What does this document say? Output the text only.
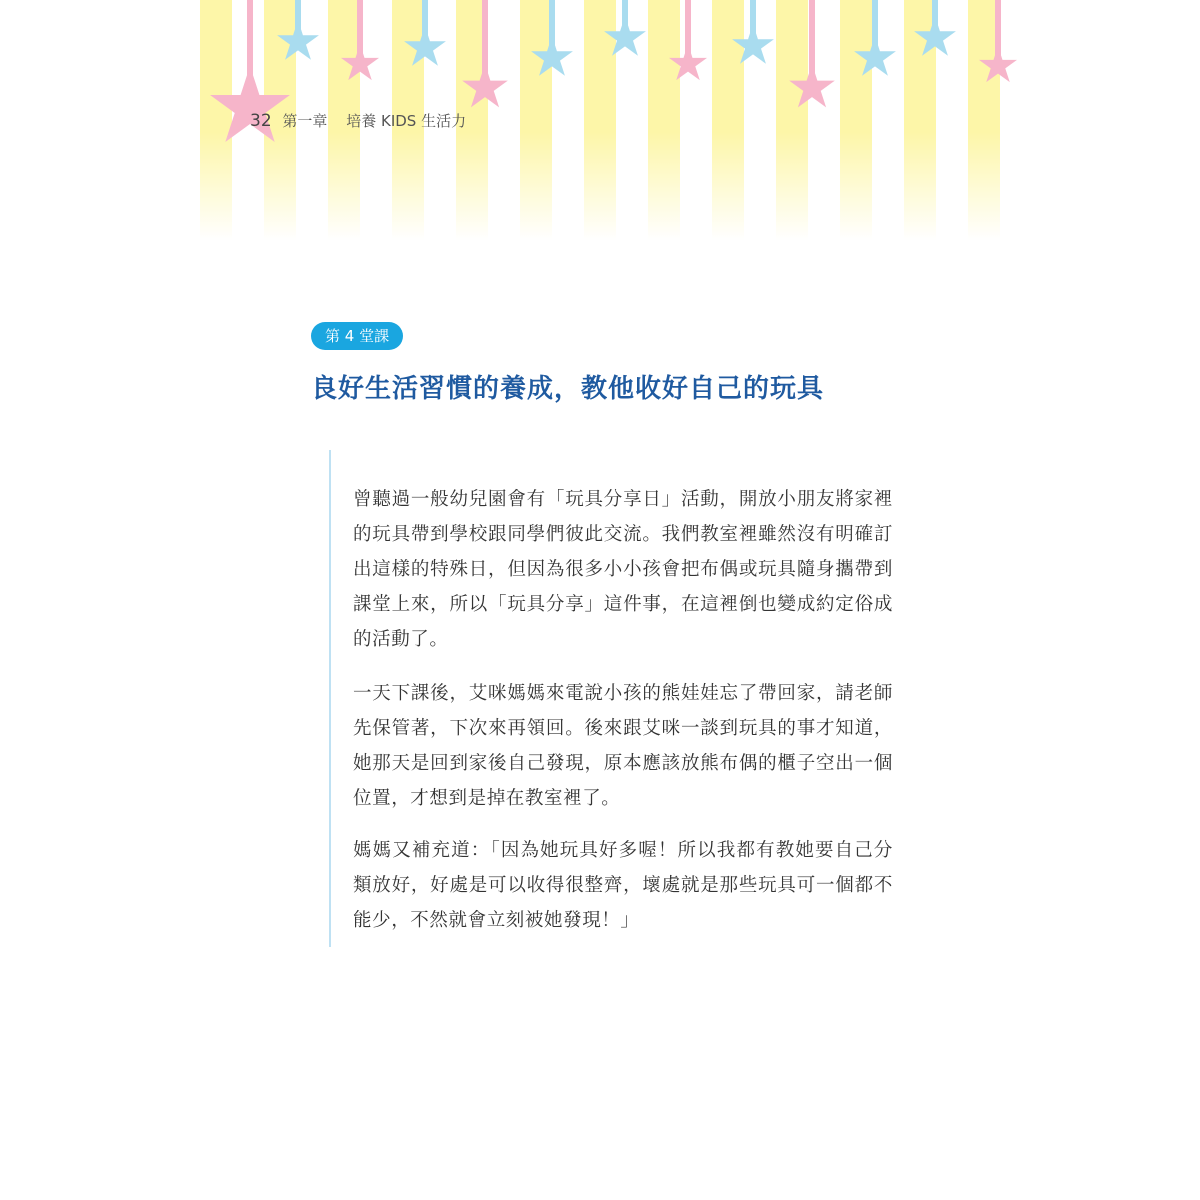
32 第一章 培養 KIDS 生活力
第 4 堂課
良好生活習慣的養成，教他收好自己的玩具

曾聽過一般幼兒園會有「玩具分享日」活動，開放小朋友將家裡的玩具帶到學校跟同學們彼此交流。我們教室裡雖然沒有明確訂出這樣的特殊日，但因為很多小小孩會把布偶或玩具隨身攜帶到課堂上來，所以「玩具分享」這件事，在這裡倒也變成約定俗成的活動了。

一天下課後，艾咪媽媽來電說小孩的熊娃娃忘了帶回家，請老師先保管著，下次來再領回。後來跟艾咪一談到玩具的事才知道，她那天是回到家後自己發現，原本應該放熊布偶的櫃子空出一個位置，才想到是掉在教室裡了。

媽媽又補充道：「因為她玩具好多喔！所以我都有教她要自己分類放好，好處是可以收得很整齊，壞處就是那些玩具可一個都不能少，不然就會立刻被她發現！」
